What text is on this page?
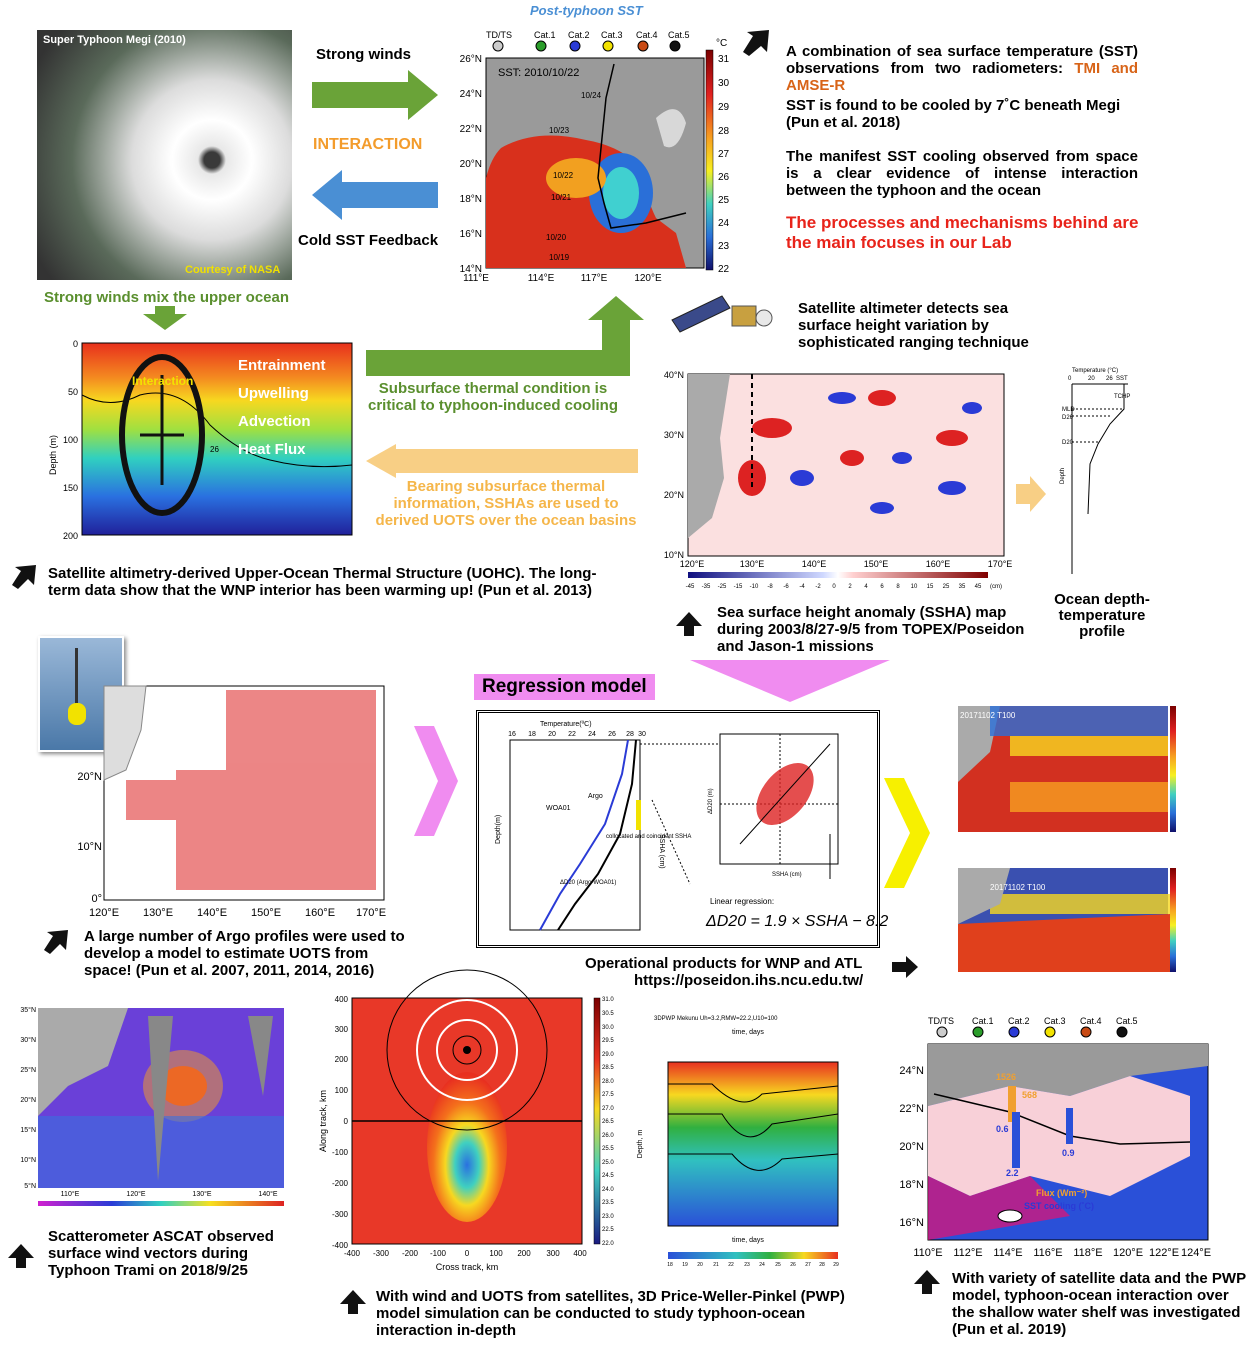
Super Typhoon Megi (2010)
Courtesy of NASA
Strong winds
INTERACTION
Cold SST Feedback
Strong winds mix the upper ocean
Post-typhoon SST
TD/TS Cat.1 Cat.2 Cat.3 Cat.4 Cat.5
SST: 2010/10/22
10/24
10/23
10/22
10/21
10/20
10/19
26°N
24°N
22°N
20°N
18°N
16°N
14°N
111°E	114°E	117°E	120°E
°C
31
30
29
28
27
26
25
24
23
22
A combination of sea surface temperature (SST) observations from two radiometers: TMI and AMSE-R
SST is found to be cooled by 7˚C beneath Megi (Pun et al. 2018)
The manifest SST cooling observed from space is a clear evidence of intense interaction between the typhoon and the ocean
The processes and mechanisms behind are the main focuses in our Lab
26
Interaction
Entrainment
Upwelling
Advection
Heat Flux
0
50
100
150
200
Depth (m)
Subsurface thermal condition is critical to typhoon-induced cooling
Bearing subsurface thermal information, SSHAs are used to derived UOTS over the ocean basins
Satellite altimeter detects sea surface height variation by sophisticated ranging technique
40°N
30°N
20°N
10°N
120°E	130°E	140°E	150°E	160°E	170°E
(cm)
-45 -35 -25 -15 -10 -8 -6 -4 -2 0 2 4 6 8 10 15 25 35 45
Temperature (°C)
0	20 26 SST
MLD
D26
D20
TCHP
Depth
Ocean depth-temperature profile
Satellite altimetry-derived Upper-Ocean Thermal Structure (UOHC). The long-term data show that the WNP interior has been warming up! (Pun et al. 2013)
Sea surface height anomaly (SSHA) map during 2003/8/27-9/5 from TOPEX/Poseidon and Jason-1 missions
20°N
10°N
0°
120°E 130°E 140°E 150°E 160°E 170°E
A large number of Argo profiles were used to develop a model to estimate UOTS from space! (Pun et al. 2007, 2011, 2014, 2016)
Regression model
Temperature(ºC)
16 18 20 22 24 26 28 30
Argo
WOA01
ΔD20 (Argo-WOA01)
collocated and coincident SSHA
Depth(m)
SSHA (cm)
ΔD20 (m)
SSHA (cm)
Linear regression:
ΔD20 = 1.9 × SSHA − 8.2
20171102 T100
20171102 T100
Operational products for WNP and ATL
https://poseidon.ihs.ncu.edu.tw/
35°N
30°N
25°N
20°N
15°N
10°N
5°N
110°E	120°E	130°E	140°E
Scatterometer ASCAT observed surface wind vectors during Typhoon Trami on 2018/9/25
400
300
200
100
0
-100
-200
-300
-400
-400 -300 -200 -100 0	100 200 300 400
Cross track, km
Along track, km
31.0
30.5
30.0
29.5
29.0
28.5
28.0
27.5
27.0
26.5
26.0
25.5
25.0
24.5
24.0
23.5
23.0
22.5
22.0
3DPWP Mekunu Uh=3.2,RMW=22.2,U10=100
time, days
Depth, m
time, days
18 19 20 21 22 23 24 25 26 27 28 29
With wind and UOTS from satellites, 3D Price-Weller-Pinkel (PWP) model simulation can be conducted to study typhoon-ocean interaction in-depth
TD/TS Cat.1 Cat.2 Cat.3 Cat.4 Cat.5
1526
568
0.6
2.2
0.9
Flux (Wm⁻²)
SST cooling (˚C)
24°N
22°N
20°N
18°N
16°N
110°E 112°E 114°E 116°E 118°E 120°E 122°E 124°E
With variety of satellite data and the PWP model, typhoon-ocean interaction over the shallow water shelf was investigated (Pun et al. 2019)
